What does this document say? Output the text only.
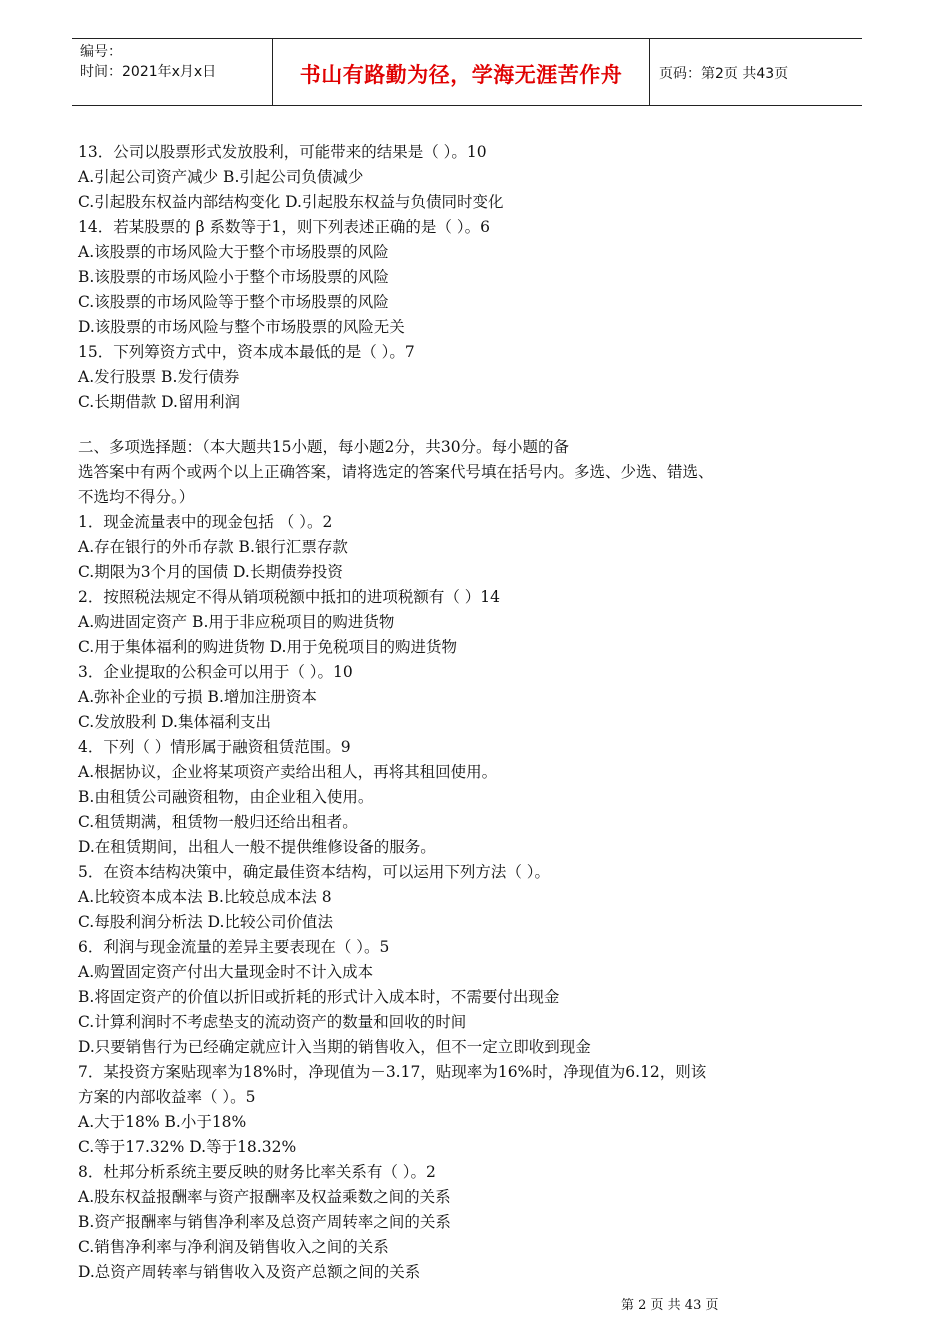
编号：
时间：2021年x月x日	书山有路勤为径，学海无涯苦作舟	页码：第2页 共43页
13．公司以股票形式发放股利，可能带来的结果是（ ）。10
A.引起公司资产减少 B.引起公司负债减少
C.引起股东权益内部结构变化 D.引起股东权益与负债同时变化
14．若某股票的 β 系数等于1，则下列表述正确的是（ ）。6
A.该股票的市场风险大于整个市场股票的风险
B.该股票的市场风险小于整个市场股票的风险
C.该股票的市场风险等于整个市场股票的风险
D.该股票的市场风险与整个市场股票的风险无关
15．下列筹资方式中，资本成本最低的是（ ）。7
A.发行股票 B.发行债券
C.长期借款 D.留用利润
二、多项选择题：（本大题共15小题，每小题2分，共30分。每小题的备
选答案中有两个或两个以上正确答案，请将选定的答案代号填在括号内。多选、少选、错选、
不选均不得分。）
1．现金流量表中的现金包括 （ ）。2
A.存在银行的外币存款 B.银行汇票存款
C.期限为3个月的国债 D.长期债券投资
2．按照税法规定不得从销项税额中抵扣的进项税额有（ ）14
A.购进固定资产 B.用于非应税项目的购进货物
C.用于集体福利的购进货物 D.用于免税项目的购进货物
3．企业提取的公积金可以用于（ ）。10
A.弥补企业的亏损 B.增加注册资本
C.发放股利 D.集体福利支出
4．下列（ ）情形属于融资租赁范围。9
A.根据协议，企业将某项资产卖给出租人，再将其租回使用。
B.由租赁公司融资租物，由企业租入使用。
C.租赁期满，租赁物一般归还给出租者。
D.在租赁期间，出租人一般不提供维修设备的服务。
5．在资本结构决策中，确定最佳资本结构，可以运用下列方法（ ）。
A.比较资本成本法 B.比较总成本法 8
C.每股利润分析法 D.比较公司价值法
6．利润与现金流量的差异主要表现在（ ）。5
A.购置固定资产付出大量现金时不计入成本
B.将固定资产的价值以折旧或折耗的形式计入成本时，不需要付出现金
C.计算利润时不考虑垫支的流动资产的数量和回收的时间
D.只要销售行为已经确定就应计入当期的销售收入，但不一定立即收到现金
7．某投资方案贴现率为18%时，净现值为－3.17，贴现率为16%时，净现值为6.12，则该
方案的内部收益率（ ）。5
A.大于18% B.小于18%
C.等于17.32% D.等于18.32%
8．杜邦分析系统主要反映的财务比率关系有（ ）。2
A.股东权益报酬率与资产报酬率及权益乘数之间的关系
B.资产报酬率与销售净利率及总资产周转率之间的关系
C.销售净利率与净利润及销售收入之间的关系
D.总资产周转率与销售收入及资产总额之间的关系
第 2 页 共 43 页
